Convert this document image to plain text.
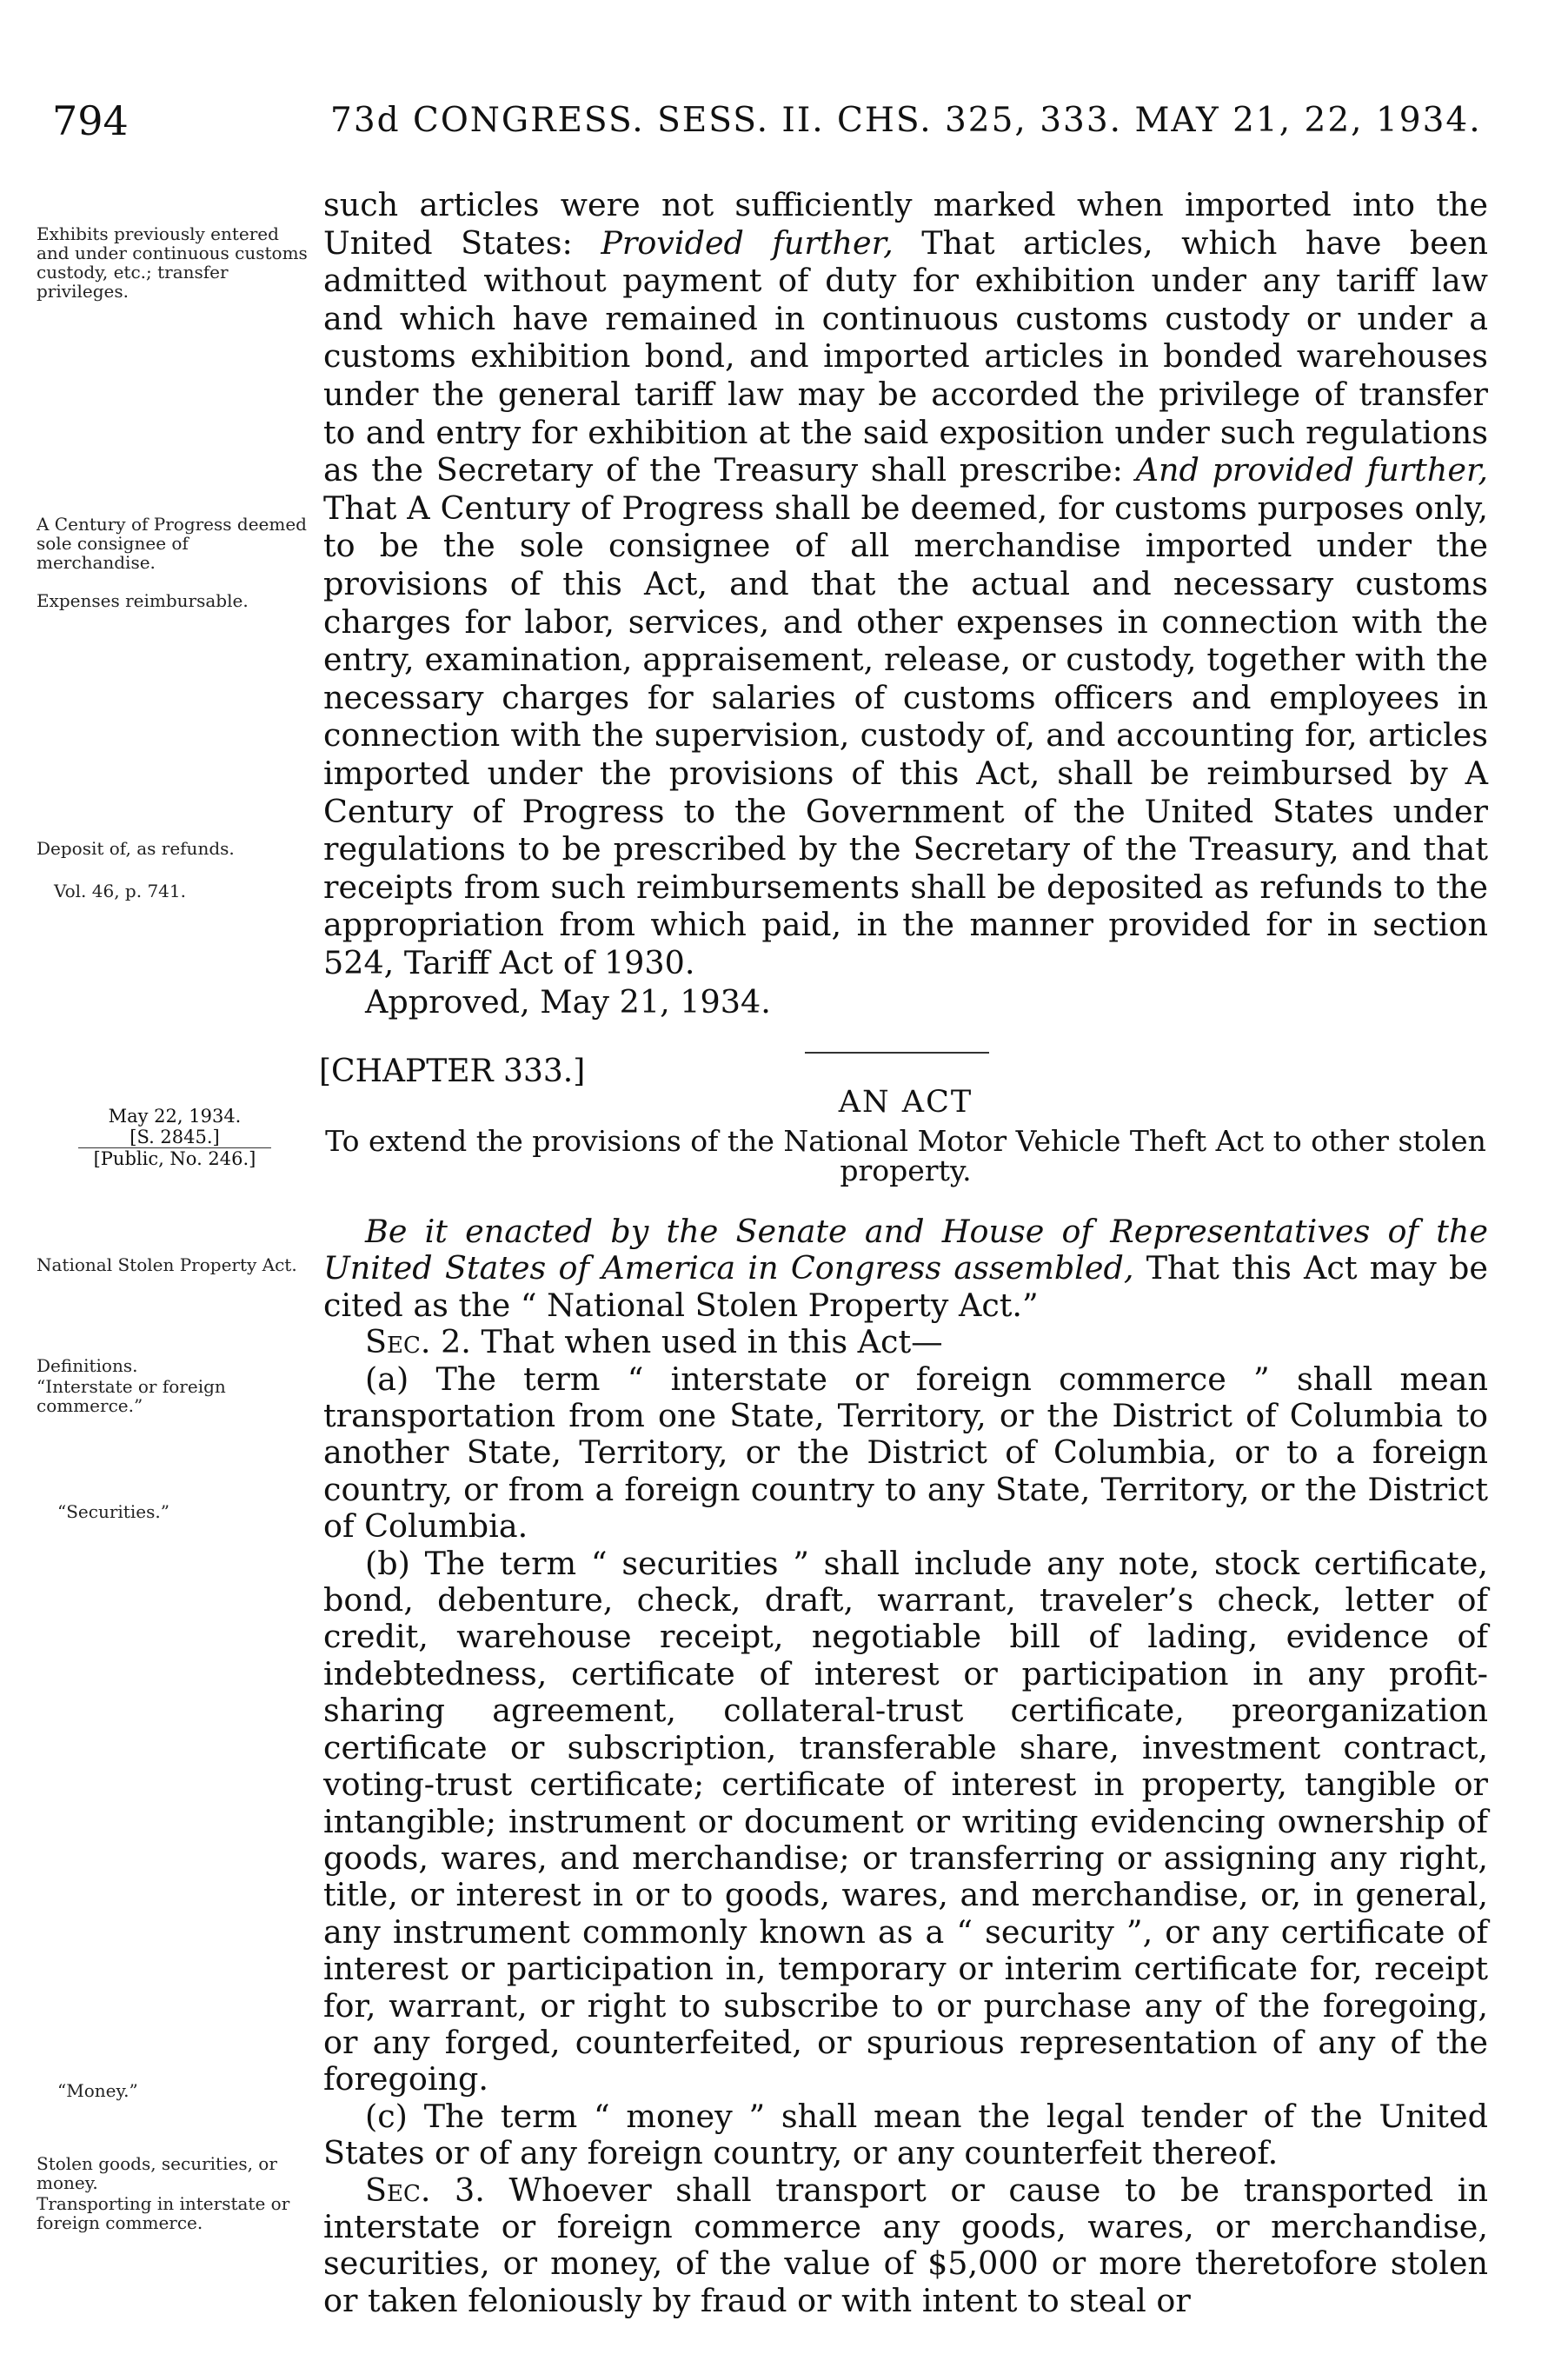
794	73d CONGRESS. SESS. II. CHS. 325, 333. MAY 21, 22, 1934.
Exhibits previously entered and under continuous customs custody, etc.; transfer privileges.
A Century of Progress deemed sole consignee of merchandise.
Expenses reimbursable.
Deposit of, as refunds.
Vol. 46, p. 741.

such articles were not sufficiently marked when imported into the United States: Provided further, That articles, which have been admitted without payment of duty for exhibition under any tariff law and which have remained in continuous customs custody or under a customs exhibition bond, and imported articles in bonded warehouses under the general tariff law may be accorded the privilege of transfer to and entry for exhibition at the said exposition under such regulations as the Secretary of the Treasury shall prescribe: And provided further, That A Century of Progress shall be deemed, for customs purposes only, to be the sole consignee of all merchandise imported under the provisions of this Act, and that the actual and necessary customs charges for labor, services, and other expenses in connection with the entry, examination, appraisement, release, or custody, together with the necessary charges for salaries of customs officers and employees in connection with the supervision, custody of, and accounting for, articles imported under the provisions of this Act, shall be reimbursed by A Century of Progress to the Government of the United States under regulations to be prescribed by the Secretary of the Treasury, and that receipts from such reimbursements shall be deposited as refunds to the appropriation from which paid, in the manner provided for in section 524, Tariff Act of 1930.

Approved, May 21, 1934.

[CHAPTER 333.]
AN ACT
To extend the provisions of the National Motor Vehicle Theft Act to other stolen property.
May 22, 1934.
[S. 2845.]
[Public, No. 246.]
National Stolen Property Act.
Definitions.
“Interstate or foreign commerce.”
“Securities.”
“Money.”
Stolen goods, securities, or money.
Transporting in interstate or foreign commerce.

Be it enacted by the Senate and House of Representatives of the United States of America in Congress assembled, That this Act may be cited as the “ National Stolen Property Act.”

Sec. 2. That when used in this Act—

(a) The term “ interstate or foreign commerce ” shall mean transportation from one State, Territory, or the District of Columbia to another State, Territory, or the District of Columbia, or to a foreign country, or from a foreign country to any State, Territory, or the District of Columbia.

(b) The term “ securities ” shall include any note, stock certificate, bond, debenture, check, draft, warrant, traveler’s check, letter of credit, warehouse receipt, negotiable bill of lading, evidence of indebtedness, certificate of interest or participation in any profit-sharing agreement, collateral-trust certificate, preorganization certificate or subscription, transferable share, investment contract, voting-trust certificate; certificate of interest in property, tangible or intangible; instrument or document or writing evidencing ownership of goods, wares, and merchandise; or transferring or assigning any right, title, or interest in or to goods, wares, and merchandise, or, in general, any instrument commonly known as a “ security ”, or any certificate of interest or participation in, temporary or interim certificate for, receipt for, warrant, or right to subscribe to or purchase any of the foregoing, or any forged, counterfeited, or spurious representation of any of the foregoing.

(c) The term “ money ” shall mean the legal tender of the United States or of any foreign country, or any counterfeit thereof.

Sec. 3. Whoever shall transport or cause to be transported in interstate or foreign commerce any goods, wares, or merchandise, securities, or money, of the value of $5,000 or more theretofore stolen or taken feloniously by fraud or with intent to steal or
